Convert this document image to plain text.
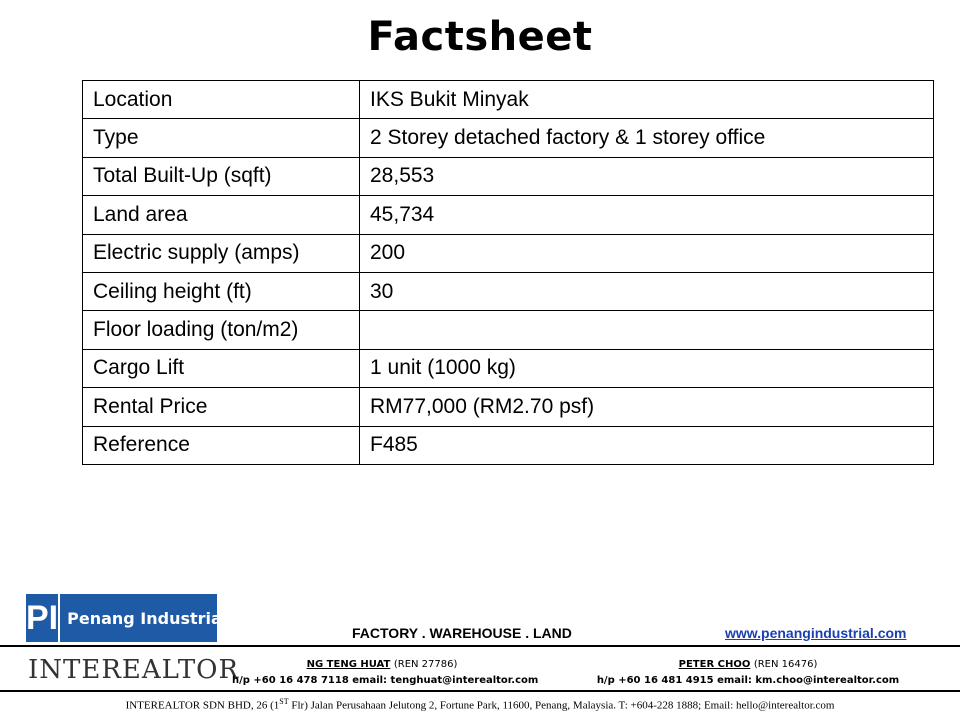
Factsheet
Location	IKS Bukit Minyak
Type	2 Storey detached factory & 1 storey office
Total Built-Up (sqft)	28,553
Land area	45,734
Electric supply (amps)	200
Ceiling height (ft)	30
Floor loading (ton/m2)	
Cargo Lift	1 unit (1000 kg)
Rental Price	RM77,000 (RM2.70 psf)
Reference	F485
PI Penang Industrial
FACTORY . WAREHOUSE . LAND	www.penangindustrial.com
INTEREALTOR	NG TENG HUAT (REN 27786)
h/p +60 16 478 7118 email: tenghuat@interealtor.com
PETER CHOO (REN 16476)
h/p +60 16 481 4915 email: km.choo@interealtor.com
INTEREALTOR SDN BHD, 26 (1ST Flr) Jalan Perusahaan Jelutong 2, Fortune Park, 11600, Penang, Malaysia. T: +604-228 1888; Email: hello@interealtor.com
